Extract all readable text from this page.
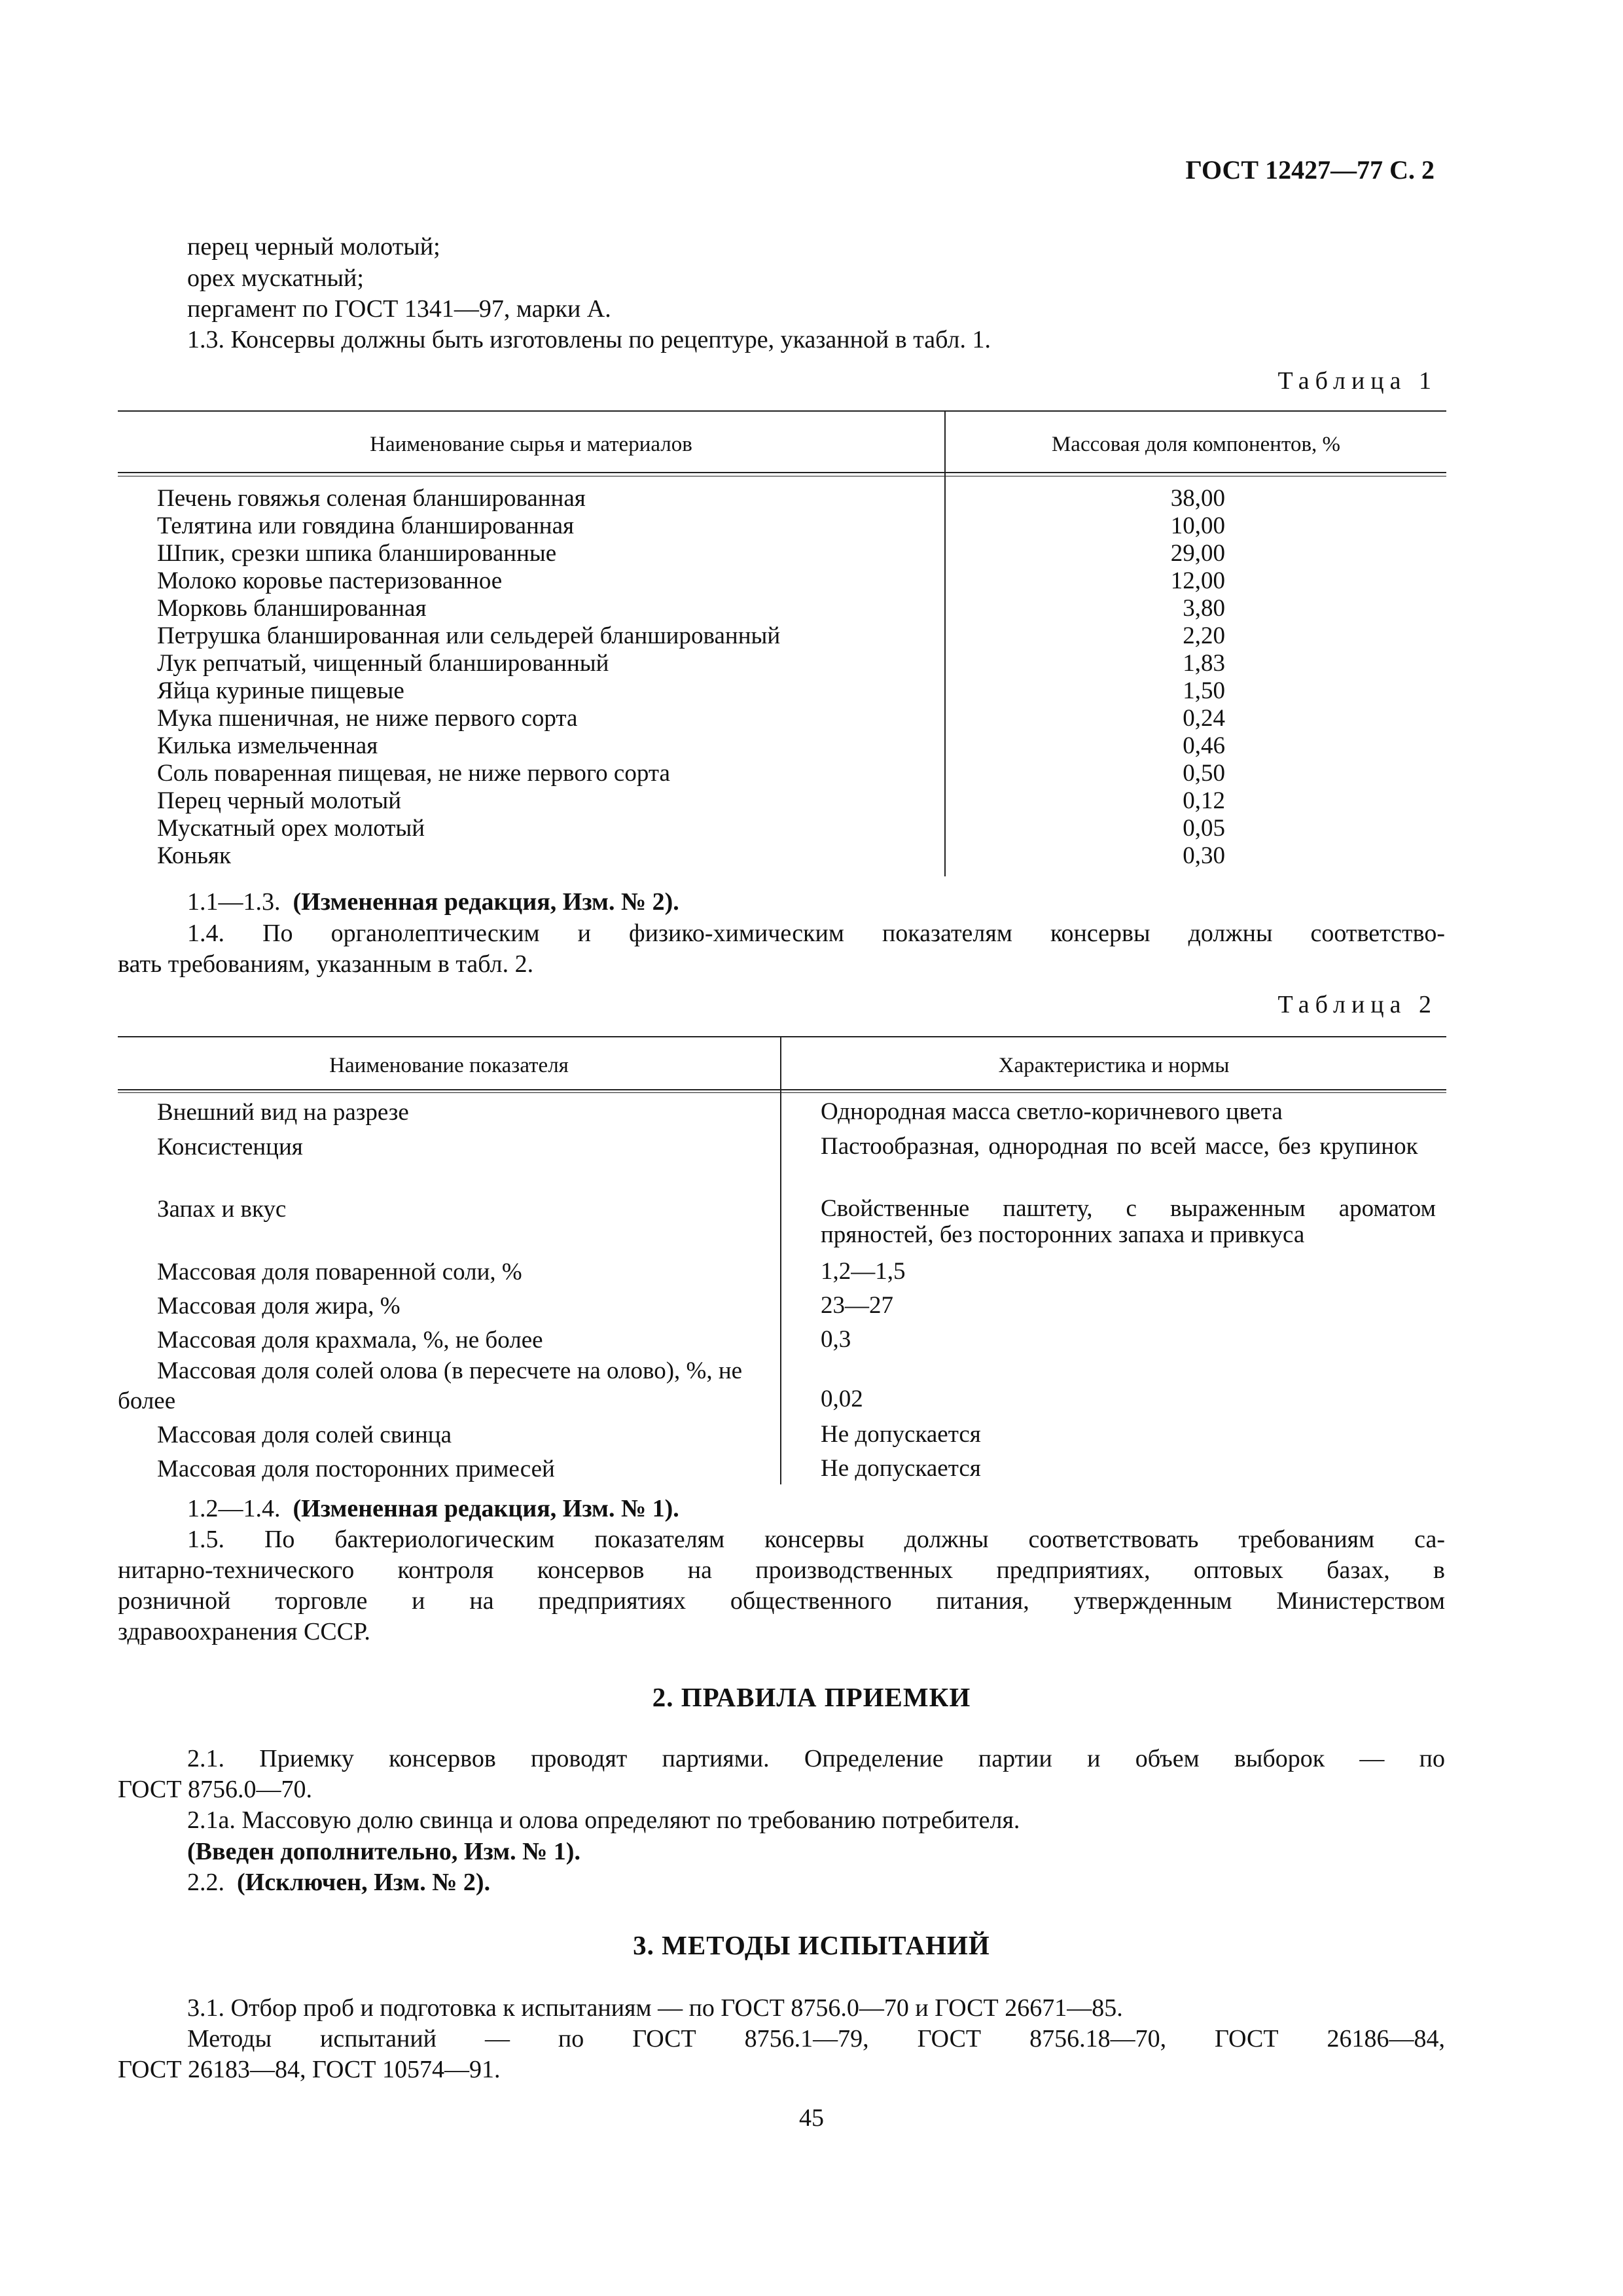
ГОСТ 12427—77 С. 2
перец черный молотый;
орех мускатный;
пергамент по ГОСТ 1341—97, марки А.
1.3. Консервы должны быть изготовлены по рецептуре, указанной в табл. 1.
Таблица 1
Наименование сырья и материалов	Массовая доля компонентов, %
Печень говяжья соленая бланшированная	38,00
Телятина или говядина бланшированная	10,00
Шпик, срезки шпика бланшированные	29,00
Молоко коровье пастеризованное	12,00
Морковь бланшированная	3,80
Петрушка бланшированная или сельдерей бланшированный	2,20
Лук репчатый, чищенный бланшированный	1,83
Яйца куриные пищевые	1,50
Мука пшеничная, не ниже первого сорта	0,24
Килька измельченная	0,46
Соль поваренная пищевая, не ниже первого сорта	0,50
Перец черный молотый	0,12
Мускатный орех молотый	0,05
Коньяк	0,30
1.1—1.3. (Измененная редакция, Изм. № 2).
1.4. По органолептическим и физико-химическим показателям консервы должны соответство-
вать требованиям, указанным в табл. 2.
Таблица 2
Наименование показателя	Характеристика и нормы
Внешний вид на разрезе	Однородная масса светло-коричневого цвета
Консистенция	Пастообразная, однородная по всей массе, без крупинок
Запах и вкус	Свойственные паштету, с выраженным ароматом пряностей, без посторонних запаха и привкуса
Массовая доля поваренной соли, %	1,2—1,5
Массовая доля жира, %	23—27
Массовая доля крахмала, %, не более	0,3
Массовая доля солей олова (в пересчете на олово), %, не более	0,02
Массовая доля солей свинца	Не допускается
Массовая доля посторонних примесей	Не допускается
1.2—1.4. (Измененная редакция, Изм. № 1).
1.5. По бактериологическим показателям консервы должны соответствовать требованиям са-
нитарно-технического контроля консервов на производственных предприятиях, оптовых базах, в
розничной торговле и на предприятиях общественного питания, утвержденным Министерством
здравоохранения СССР.
2. ПРАВИЛА ПРИЕМКИ
2.1. Приемку консервов проводят партиями. Определение партии и объем выборок — по
ГОСТ 8756.0—70.
2.1а. Массовую долю свинца и олова определяют по требованию потребителя.
(Введен дополнительно, Изм. № 1).
2.2. (Исключен, Изм. № 2).
3. МЕТОДЫ ИСПЫТАНИЙ
3.1. Отбор проб и подготовка к испытаниям — по ГОСТ 8756.0—70 и ГОСТ 26671—85.
Методы испытаний — по ГОСТ 8756.1—79, ГОСТ 8756.18—70, ГОСТ 26186—84,
ГОСТ 26183—84, ГОСТ 10574—91.
45
